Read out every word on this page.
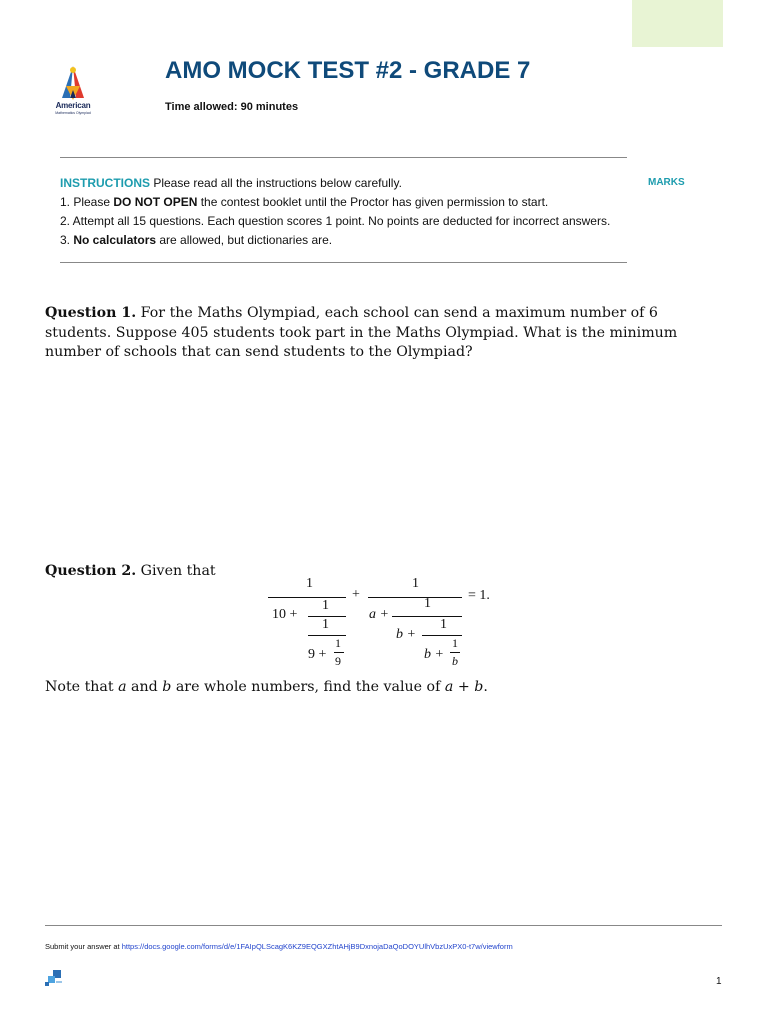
American
Mathematics Olympiad
AMO MOCK TEST #2 - GRADE 7
Time allowed: 90 minutes
INSTRUCTIONS Please read all the instructions below carefully.
1. Please DO NOT OPEN the contest booklet until the Proctor has given permission to start.
2. Attempt all 15 questions. Each question scores 1 point. No points are deducted for incorrect answers.
3. No calculators are allowed, but dictionaries are.
MARKS
Question 1. For the Maths Olympiad, each school can send a maximum number of 6 students. Suppose 405 students took part in the Maths Olympiad. What is the minimum number of schools that can send students to the Olympiad?
Question 2. Given that
1
10 +
1
1
9 +
1
9
+
1
a +
1
b +
1
b +
1
b
= 1.
Note that a and b are whole numbers, find the value of a + b.
Submit your answer at https://docs.google.com/forms/d/e/1FAIpQLScagK6KZ9EQGXZhtAHjB9DxnojaDaQoDOYUlhVbzUxPX0-t7w/viewform
1
